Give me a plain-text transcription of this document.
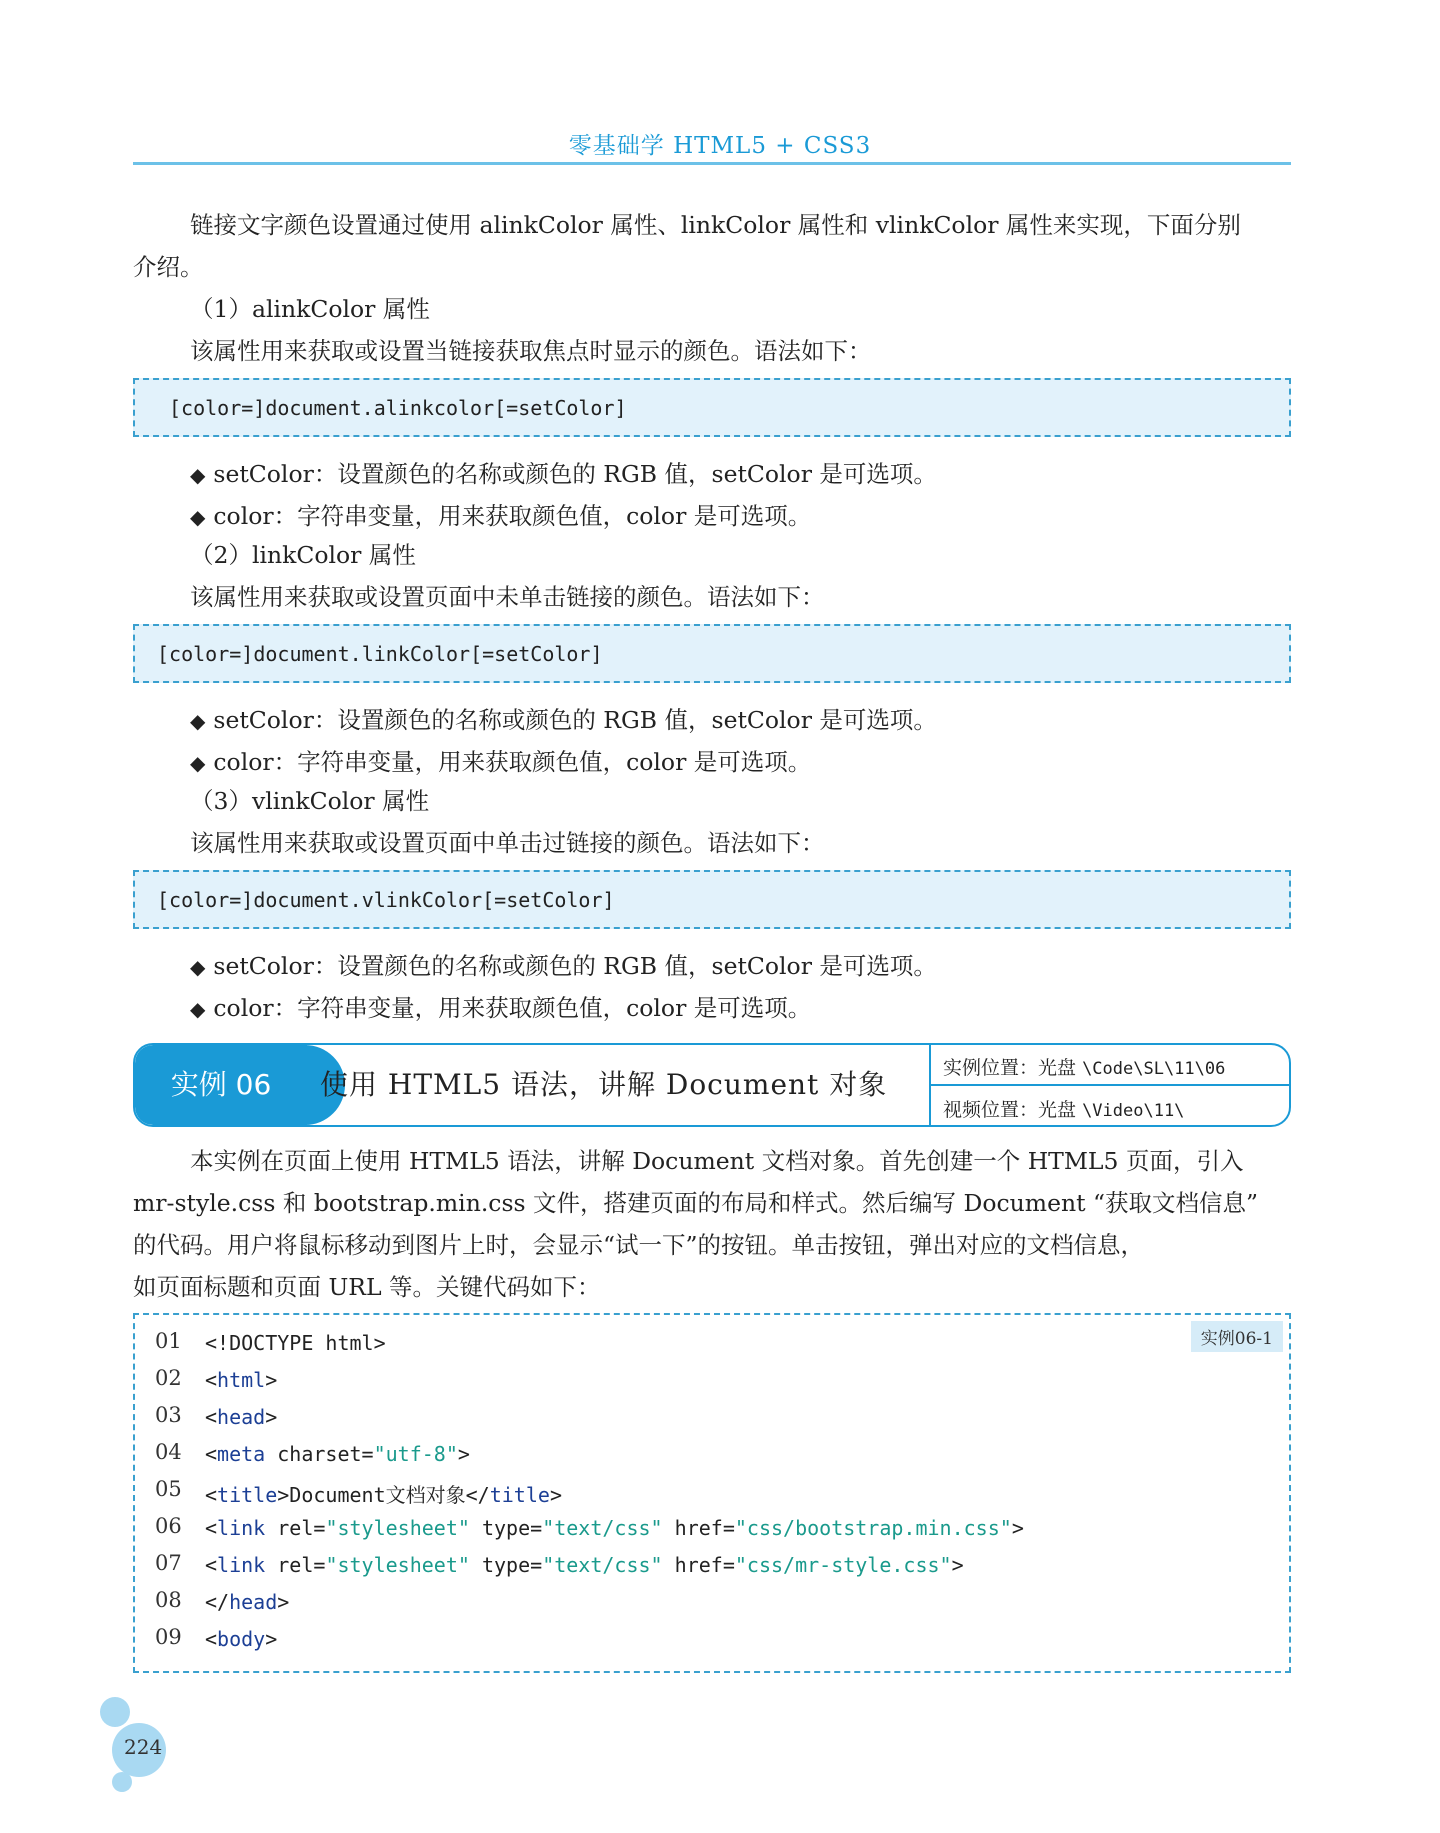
零基础学 HTML5 + CSS3
链接文字颜色设置通过使用 alinkColor 属性、linkColor 属性和 vlinkColor 属性来实现，下面分别
介绍。
（1）alinkColor 属性
该属性用来获取或设置当链接获取焦点时显示的颜色。语法如下：
[color=]document.alinkcolor[=setColor]
◆ setColor：设置颜色的名称或颜色的 RGB 值，setColor 是可选项。
◆ color：字符串变量，用来获取颜色值，color 是可选项。
（2）linkColor 属性
该属性用来获取或设置页面中未单击链接的颜色。语法如下：
[color=]document.linkColor[=setColor]
◆ setColor：设置颜色的名称或颜色的 RGB 值，setColor 是可选项。
◆ color：字符串变量，用来获取颜色值，color 是可选项。
（3）vlinkColor 属性
该属性用来获取或设置页面中单击过链接的颜色。语法如下：
[color=]document.vlinkColor[=setColor]
◆ setColor：设置颜色的名称或颜色的 RGB 值，setColor 是可选项。
◆ color：字符串变量，用来获取颜色值，color 是可选项。
实例 06	使用 HTML5 语法，讲解 Document 对象	实例位置：光盘 \Code\SL\11\06
视频位置：光盘 \Video\11\
本实例在页面上使用 HTML5 语法，讲解 Document 文档对象。首先创建一个 HTML5 页面，引入
mr-style.css 和 bootstrap.min.css 文件，搭建页面的布局和样式。然后编写 Document “获取文档信息”
的代码。用户将鼠标移动到图片上时，会显示“试一下”的按钮。单击按钮，弹出对应的文档信息，
如页面标题和页面 URL 等。关键代码如下：
实例06-1
01 <!DOCTYPE html>
02 <html>
03 <head>
04 <meta charset="utf-8">
05 <title>Document文档对象</title>
06 <link rel="stylesheet" type="text/css" href="css/bootstrap.min.css">
07 <link rel="stylesheet" type="text/css" href="css/mr-style.css">
08 </head>
09 <body>
224
